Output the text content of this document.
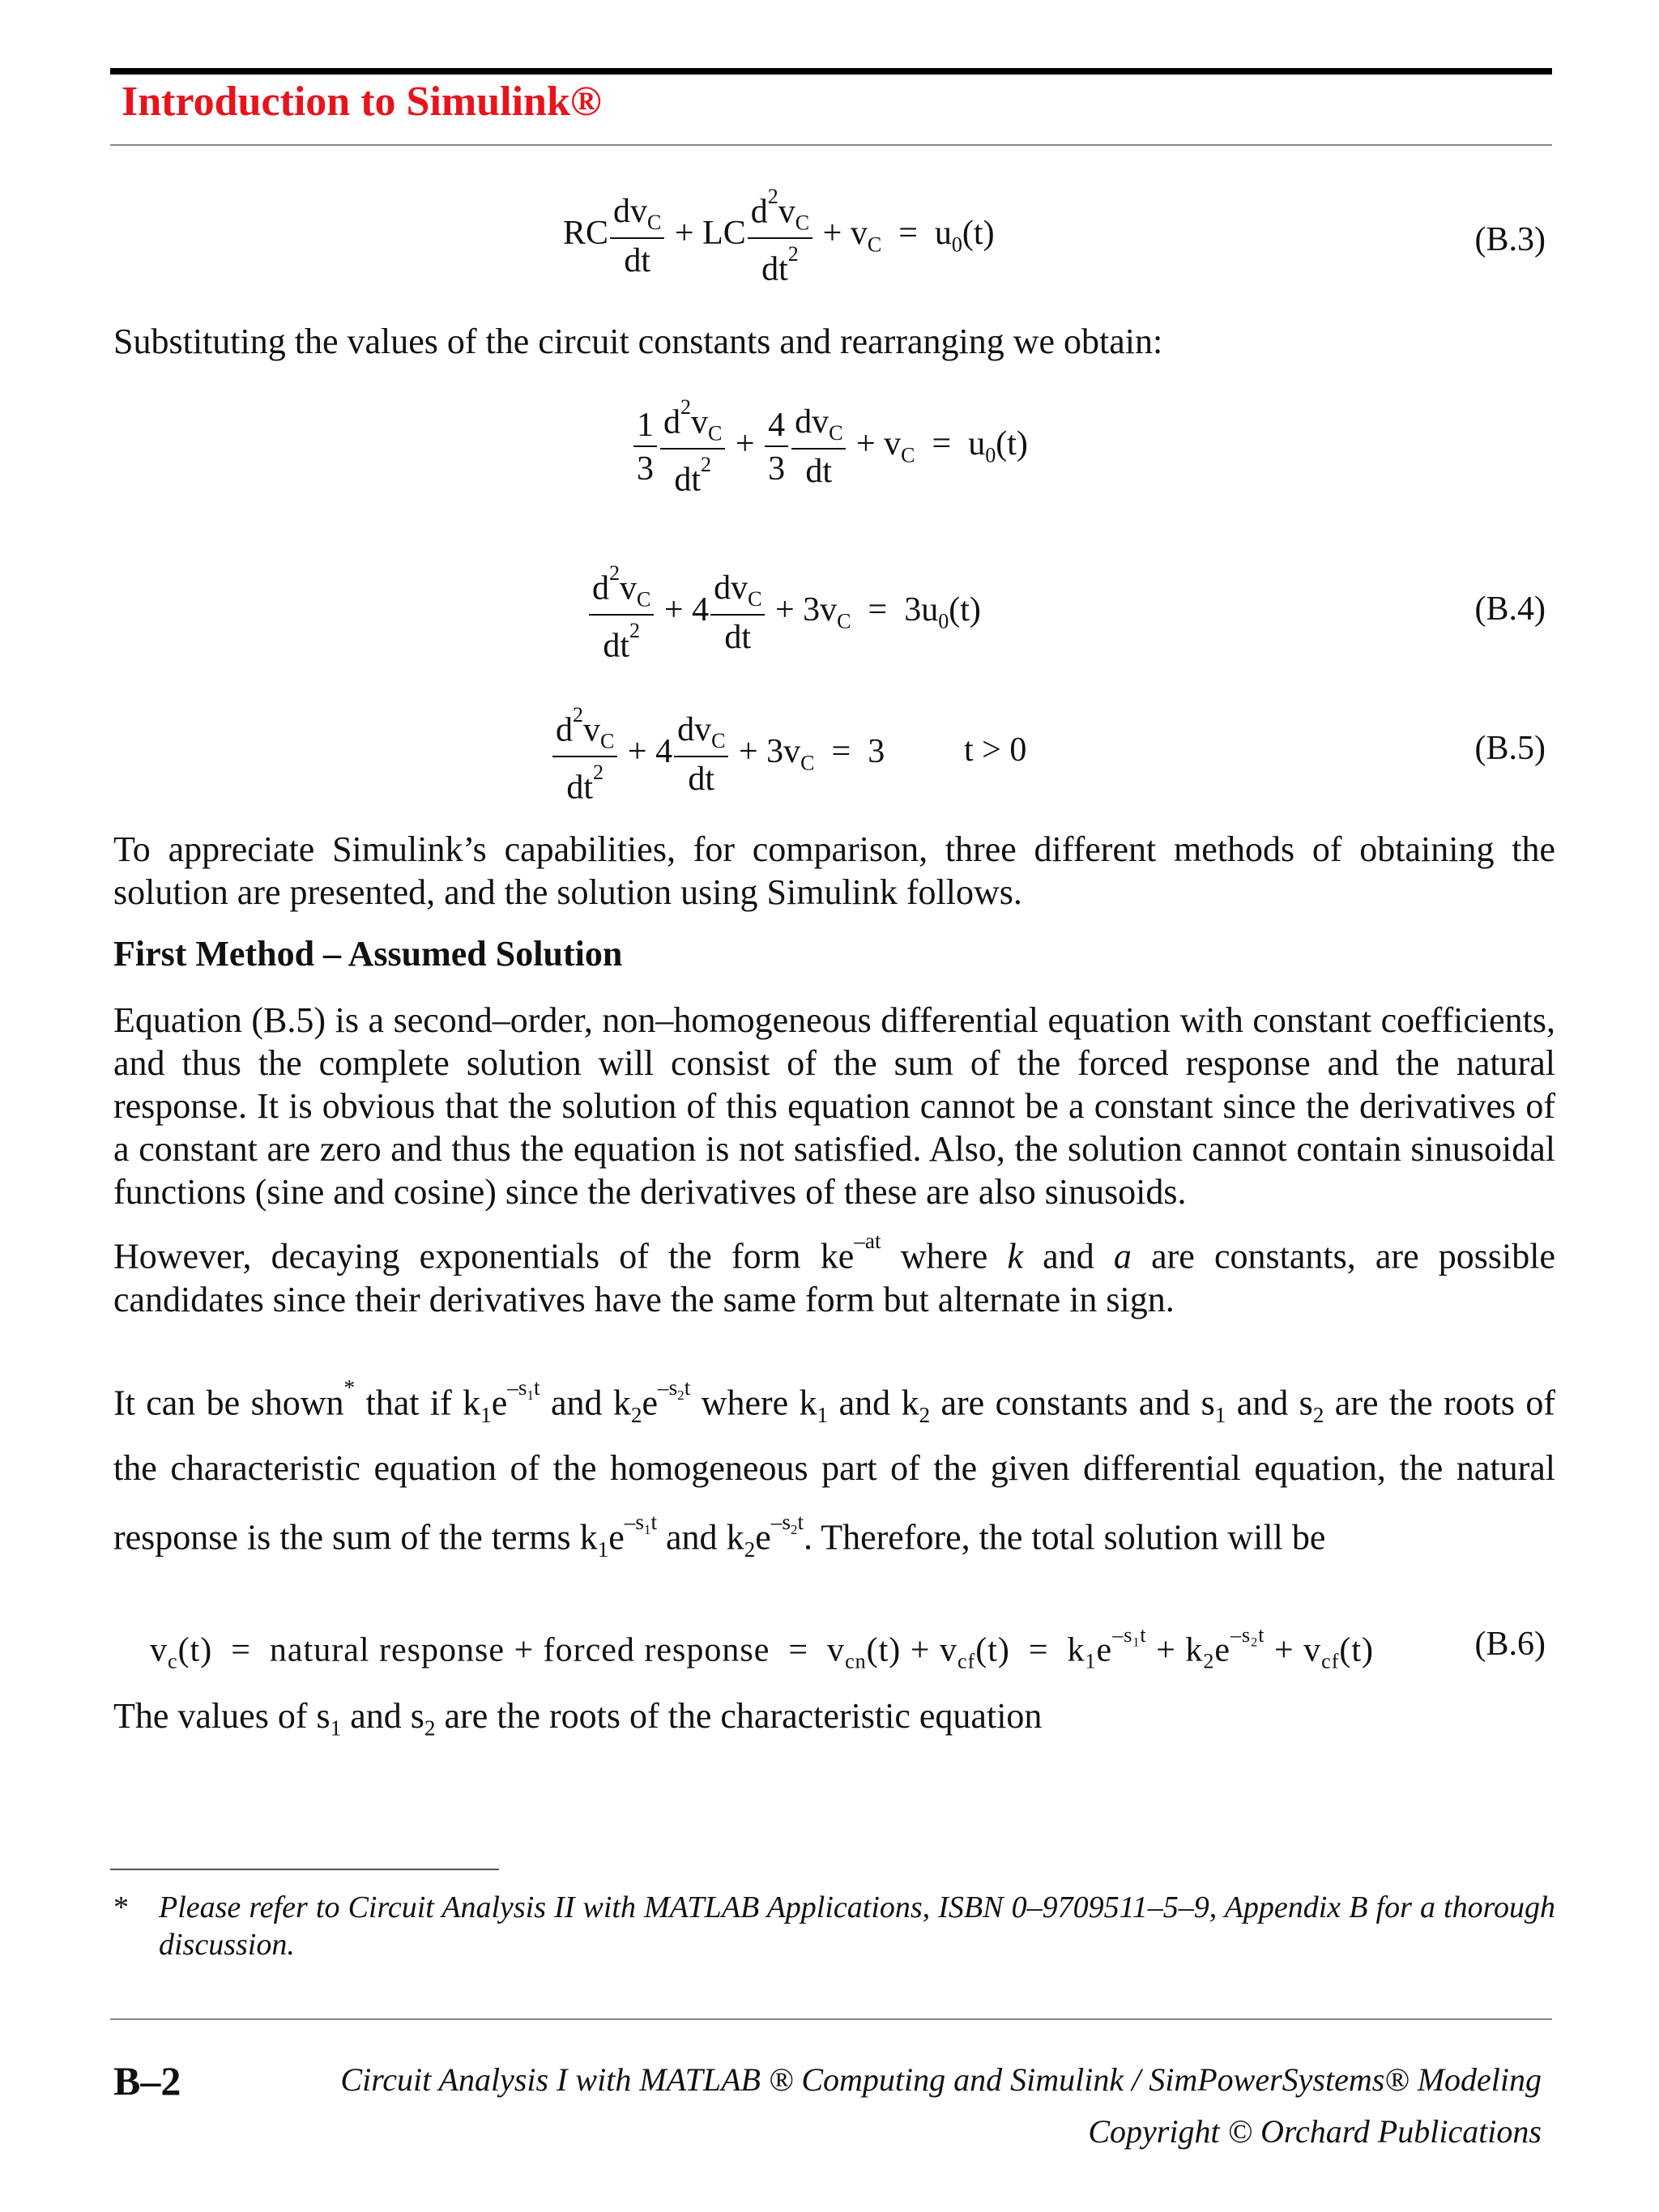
Introduction to Simulink®
RC $\frac{dv_C}{dt}$ + LC $\frac{d^2v_C}{dt^2} + v_C = u_0(t)$	(B.3)
Substituting the values of the circuit constants and rearranging we obtain:
$\frac{1}{3} \frac{d^2v_C}{dt^2} + \frac{4}{3} \frac{dv_C}{dt} + v_C = u_0(t)$
$\frac{d^2v_C}{dt^2} + 4 \frac{dv_C}{dt} + 3v_C = 3u_0(t)$	(B.4)
$\frac{d^2v_C}{dt^2} + 4 \frac{dv_C}{dt} + 3v_C = 3$ t > 0	(B.5)
To appreciate Simulink’s capabilities, for comparison, three different methods of obtaining the solution are presented, and the solution using Simulink follows.
First Method – Assumed Solution

Equation (B.5) is a second–order, non–homogeneous differential equation with constant coefficients, and thus the complete solution will consist of the sum of the forced response and the natural response. It is obvious that the solution of this equation cannot be a constant since the derivatives of a constant are zero and thus the equation is not satisfied. Also, the solution cannot contain sinusoidal functions (sine and cosine) since the derivatives of these are also sinusoids.

However, decaying exponentials of the form $ke^{-at}$ where k and a are constants, are possible candidates since their derivatives have the same form but alternate in sign.

It can be shown* that if $k_1e^{-s_1t}$ and $k_2e^{-s_2t}$ where $k_1$ and $k_2$ are constants and $s_1$ and $s_2$ are the roots of the characteristic equation of the homogeneous part of the given differential equation, the natural response is the sum of the terms $k_1e^{-s_1t}$ and $k_2e^{-s_2t}$. Therefore, the total solution will be
$v_c(t)$  =  natural response + forced response  =  $v_{cn}(t) + v_{cf}(t) = k_1e^{-s_1t} + k_2e^{-s_2t} + v_{cf}(t)$	(B.6)
The values of $s_1$ and $s_2$ are the roots of the characteristic equation
* Please refer to Circuit Analysis II with MATLAB Applications, ISBN 0–9709511–5–9, Appendix B for a thorough discussion.
B–2	Circuit Analysis I with MATLAB ® Computing and Simulink / SimPowerSystems® Modeling
Copyright © Orchard Publications
